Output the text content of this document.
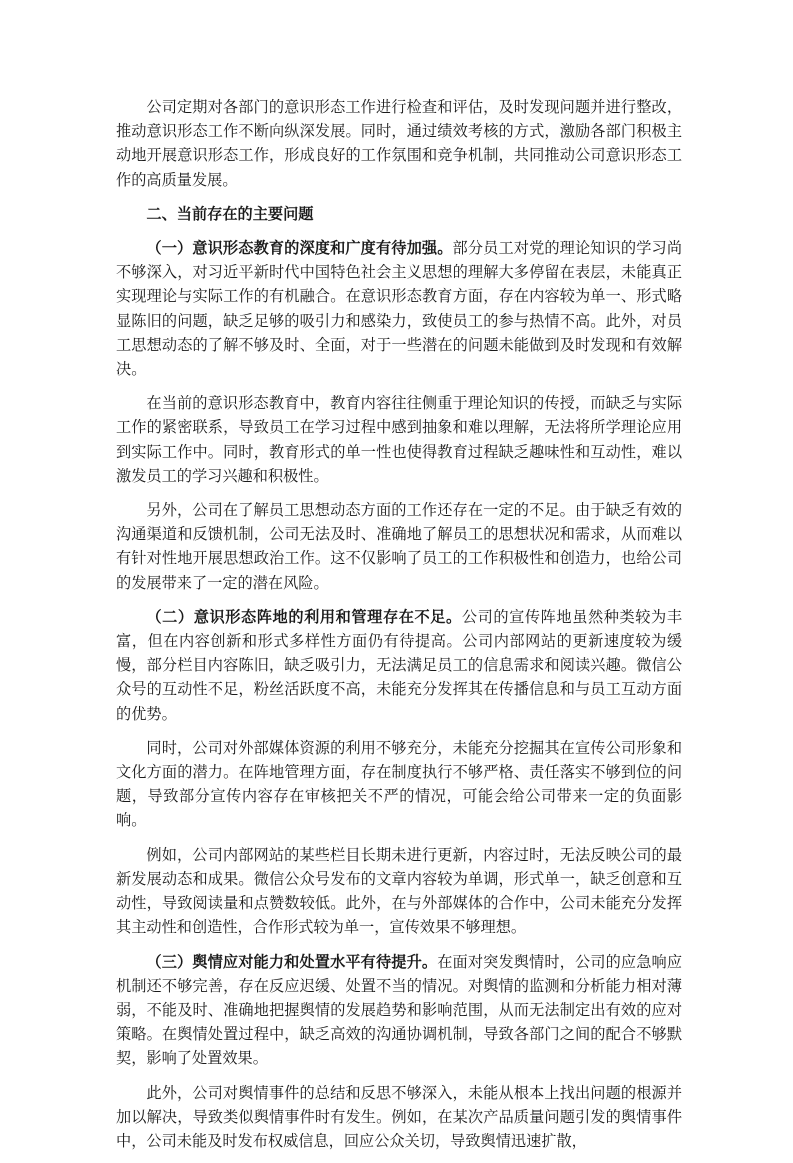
公司定期对各部门的意识形态工作进行检查和评估，及时发现问题并进行整改，推动意识形态工作不断向纵深发展。同时，通过绩效考核的方式，激励各部门积极主动地开展意识形态工作，形成良好的工作氛围和竞争机制，共同推动公司意识形态工作的高质量发展。

二、当前存在的主要问题

（一）意识形态教育的深度和广度有待加强。部分员工对党的理论知识的学习尚不够深入，对习近平新时代中国特色社会主义思想的理解大多停留在表层，未能真正实现理论与实际工作的有机融合。在意识形态教育方面，存在内容较为单一、形式略显陈旧的问题，缺乏足够的吸引力和感染力，致使员工的参与热情不高。此外，对员工思想动态的了解不够及时、全面，对于一些潜在的问题未能做到及时发现和有效解决。

在当前的意识形态教育中，教育内容往往侧重于理论知识的传授，而缺乏与实际工作的紧密联系，导致员工在学习过程中感到抽象和难以理解，无法将所学理论应用到实际工作中。同时，教育形式的单一性也使得教育过程缺乏趣味性和互动性，难以激发员工的学习兴趣和积极性。

另外，公司在了解员工思想动态方面的工作还存在一定的不足。由于缺乏有效的沟通渠道和反馈机制，公司无法及时、准确地了解员工的思想状况和需求，从而难以有针对性地开展思想政治工作。这不仅影响了员工的工作积极性和创造力，也给公司的发展带来了一定的潜在风险。

（二）意识形态阵地的利用和管理存在不足。公司的宣传阵地虽然种类较为丰富，但在内容创新和形式多样性方面仍有待提高。公司内部网站的更新速度较为缓慢，部分栏目内容陈旧，缺乏吸引力，无法满足员工的信息需求和阅读兴趣。微信公众号的互动性不足，粉丝活跃度不高，未能充分发挥其在传播信息和与员工互动方面的优势。

同时，公司对外部媒体资源的利用不够充分，未能充分挖掘其在宣传公司形象和文化方面的潜力。在阵地管理方面，存在制度执行不够严格、责任落实不够到位的问题，导致部分宣传内容存在审核把关不严的情况，可能会给公司带来一定的负面影响。

例如，公司内部网站的某些栏目长期未进行更新，内容过时，无法反映公司的最新发展动态和成果。微信公众号发布的文章内容较为单调，形式单一，缺乏创意和互动性，导致阅读量和点赞数较低。此外，在与外部媒体的合作中，公司未能充分发挥其主动性和创造性，合作形式较为单一，宣传效果不够理想。

（三）舆情应对能力和处置水平有待提升。在面对突发舆情时，公司的应急响应机制还不够完善，存在反应迟缓、处置不当的情况。对舆情的监测和分析能力相对薄弱，不能及时、准确地把握舆情的发展趋势和影响范围，从而无法制定出有效的应对策略。在舆情处置过程中，缺乏高效的沟通协调机制，导致各部门之间的配合不够默契，影响了处置效果。

此外，公司对舆情事件的总结和反思不够深入，未能从根本上找出问题的根源并加以解决，导致类似舆情事件时有发生。例如，在某次产品质量问题引发的舆情事件中，公司未能及时发布权威信息，回应公众关切，导致舆情迅速扩散，
